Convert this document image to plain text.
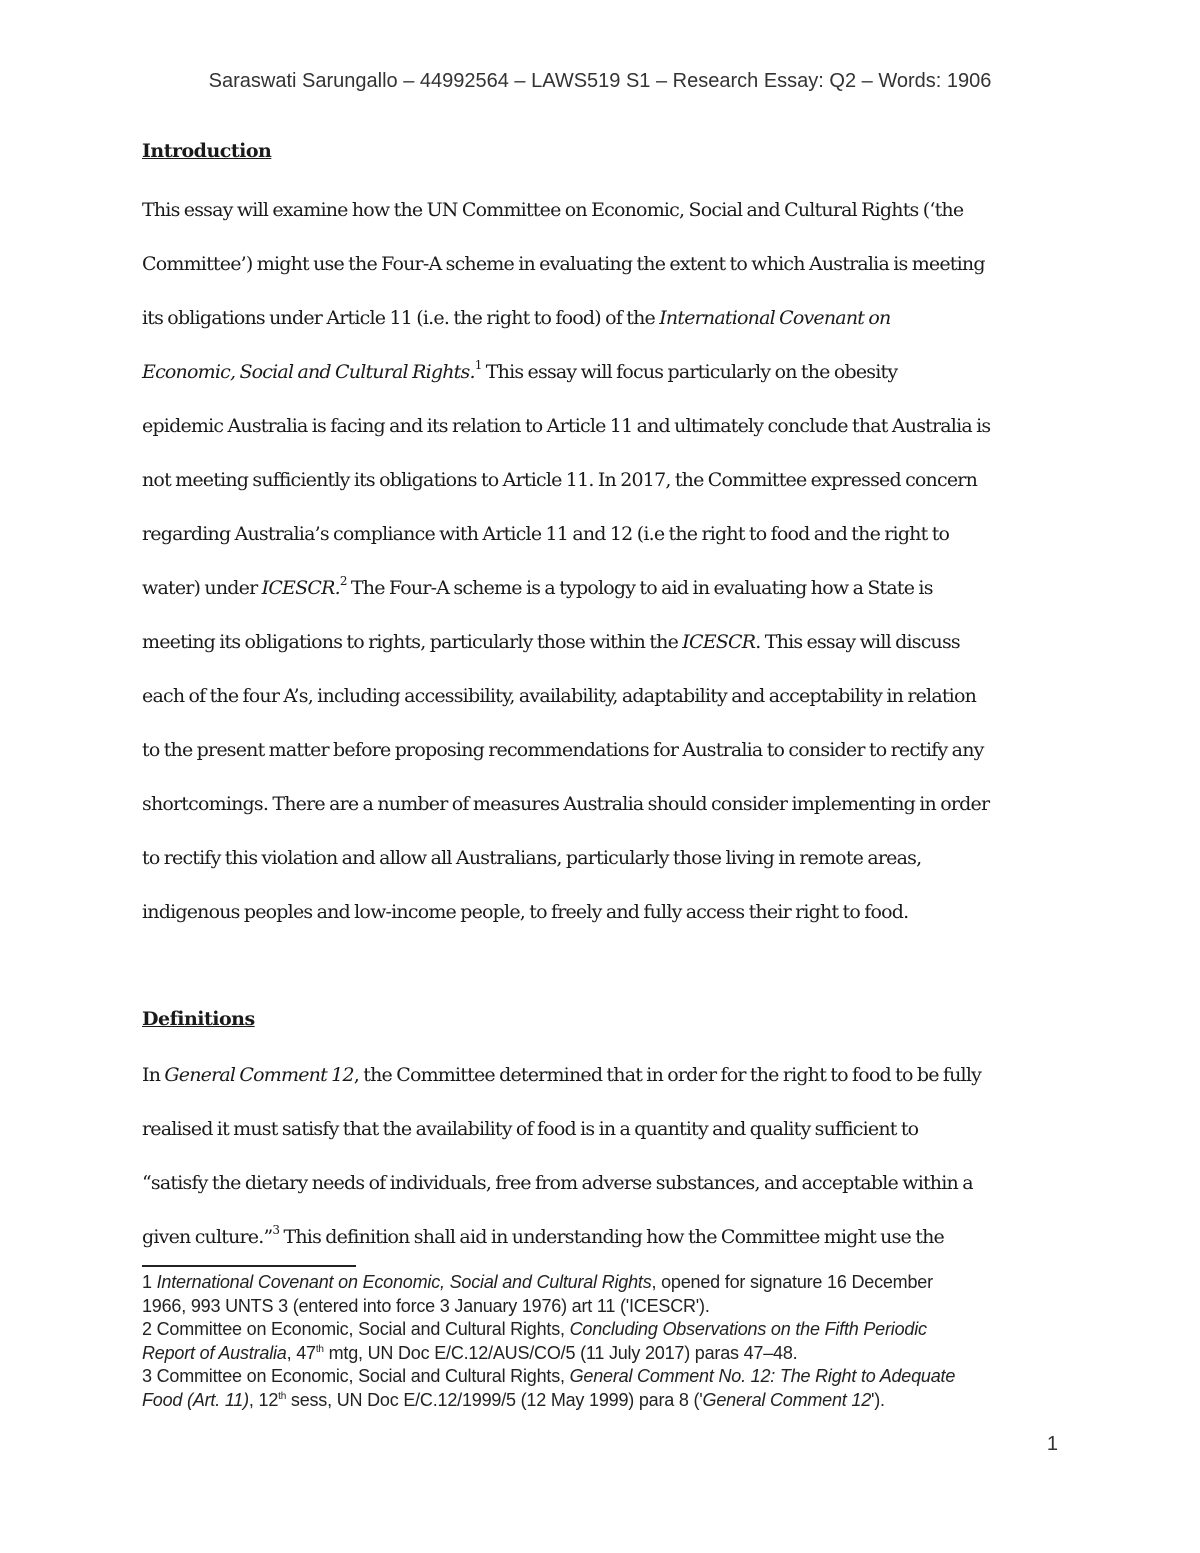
Saraswati Sarungallo – 44992564 – LAWS519 S1 – Research Essay: Q2 – Words: 1906
Introduction
This essay will examine how the UN Committee on Economic, Social and Cultural Rights (‘the
Committee’) might use the Four-A scheme in evaluating the extent to which Australia is meeting
its obligations under Article 11 (i.e. the right to food) of the International Covenant on
Economic, Social and Cultural Rights.$^1$ This essay will focus particularly on the obesity
epidemic Australia is facing and its relation to Article 11 and ultimately conclude that Australia is
not meeting sufficiently its obligations to Article 11. In 2017, the Committee expressed concern
regarding Australia’s compliance with Article 11 and 12 (i.e the right to food and the right to
water) under ICESCR.$^2$ The Four-A scheme is a typology to aid in evaluating how a State is
meeting its obligations to rights, particularly those within the ICESCR. This essay will discuss
each of the four A’s, including accessibility, availability, adaptability and acceptability in relation
to the present matter before proposing recommendations for Australia to consider to rectify any
shortcomings. There are a number of measures Australia should consider implementing in order
to rectify this violation and allow all Australians, particularly those living in remote areas,
indigenous peoples and low-income people, to freely and fully access their right to food.
Definitions
In General Comment 12, the Committee determined that in order for the right to food to be fully
realised it must satisfy that the availability of food is in a quantity and quality sufficient to
“satisfy the dietary needs of individuals, free from adverse substances, and acceptable within a
given culture.”$^3$ This definition shall aid in understanding how the Committee might use the
1 International Covenant on Economic, Social and Cultural Rights, opened for signature 16 December
1966, 993 UNTS 3 (entered into force 3 January 1976) art 11 ('ICESCR').
2 Committee on Economic, Social and Cultural Rights, Concluding Observations on the Fifth Periodic
Report of Australia, 47th mtg, UN Doc E/C.12/AUS/CO/5 (11 July 2017) paras 47–48.
3 Committee on Economic, Social and Cultural Rights, General Comment No. 12: The Right to Adequate
Food (Art. 11), 12th sess, UN Doc E/C.12/1999/5 (12 May 1999) para 8 ('General Comment 12').
1
